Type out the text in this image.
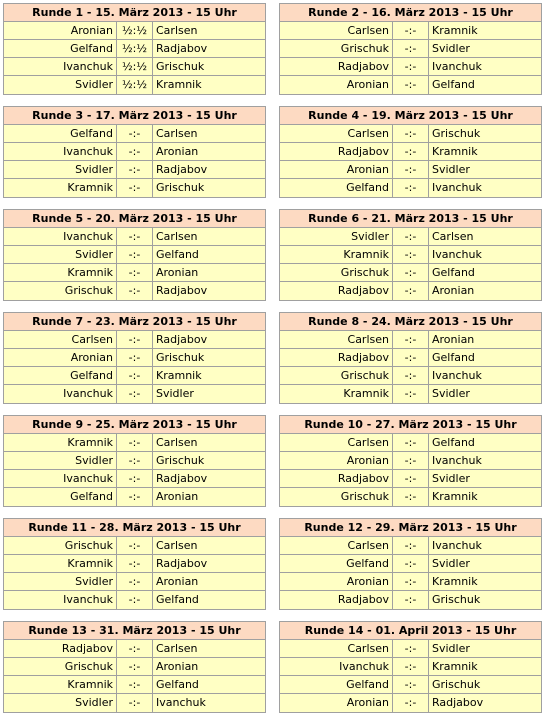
Runde 1 - 15. März 2013 - 15 Uhr
Aronian ½:½ Carlsen
Gelfand ½:½ Radjabov
Ivanchuk ½:½ Grischuk
Svidler ½:½ Kramnik
Runde 2 - 16. März 2013 - 15 Uhr
Carlsen	-:-	Kramnik
Grischuk	-:-	Svidler
Radjabov	-:-	Ivanchuk
Aronian	-:-	Gelfand
Runde 3 - 17. März 2013 - 15 Uhr
Gelfand	-:-	Carlsen
Ivanchuk	-:-	Aronian
Svidler	-:-	Radjabov
Kramnik	-:-	Grischuk
Runde 4 - 19. März 2013 - 15 Uhr
Carlsen	-:-	Grischuk
Radjabov	-:-	Kramnik
Aronian	-:-	Svidler
Gelfand	-:-	Ivanchuk
Runde 5 - 20. März 2013 - 15 Uhr
Ivanchuk	-:-	Carlsen
Svidler	-:-	Gelfand
Kramnik	-:-	Aronian
Grischuk	-:-	Radjabov
Runde 6 - 21. März 2013 - 15 Uhr
Svidler	-:-	Carlsen
Kramnik	-:-	Ivanchuk
Grischuk	-:-	Gelfand
Radjabov	-:-	Aronian
Runde 7 - 23. März 2013 - 15 Uhr
Carlsen	-:-	Radjabov
Aronian	-:-	Grischuk
Gelfand	-:-	Kramnik
Ivanchuk	-:-	Svidler
Runde 8 - 24. März 2013 - 15 Uhr
Carlsen	-:-	Aronian
Radjabov	-:-	Gelfand
Grischuk	-:-	Ivanchuk
Kramnik	-:-	Svidler
Runde 9 - 25. März 2013 - 15 Uhr
Kramnik	-:-	Carlsen
Svidler	-:-	Grischuk
Ivanchuk	-:-	Radjabov
Gelfand	-:-	Aronian
Runde 10 - 27. März 2013 - 15 Uhr
Carlsen	-:-	Gelfand
Aronian	-:-	Ivanchuk
Radjabov	-:-	Svidler
Grischuk	-:-	Kramnik
Runde 11 - 28. März 2013 - 15 Uhr
Grischuk	-:-	Carlsen
Kramnik	-:-	Radjabov
Svidler	-:-	Aronian
Ivanchuk	-:-	Gelfand
Runde 12 - 29. März 2013 - 15 Uhr
Carlsen	-:-	Ivanchuk
Gelfand	-:-	Svidler
Aronian	-:-	Kramnik
Radjabov	-:-	Grischuk
Runde 13 - 31. März 2013 - 15 Uhr
Radjabov	-:-	Carlsen
Grischuk	-:-	Aronian
Kramnik	-:-	Gelfand
Svidler	-:-	Ivanchuk
Runde 14 - 01. April 2013 - 15 Uhr
Carlsen	-:-	Svidler
Ivanchuk	-:-	Kramnik
Gelfand	-:-	Grischuk
Aronian	-:-	Radjabov
